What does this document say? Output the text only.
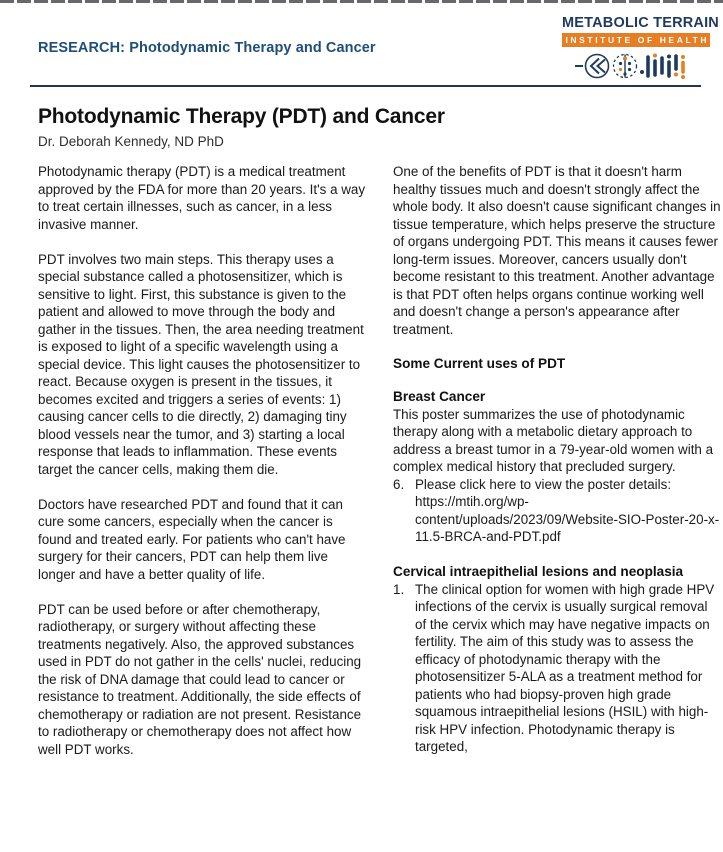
RESEARCH: Photodynamic Therapy and Cancer
METABOLIC TERRAIN
INSTITUTE OF HEALTH
Photodynamic Therapy (PDT) and Cancer
Dr. Deborah Kennedy, ND PhD

Photodynamic therapy (PDT) is a medical treatment approved by the FDA for more than 20 years. It's a way to treat certain illnesses, such as cancer, in a less invasive manner.

PDT involves two main steps. This therapy uses a special substance called a photosensitizer, which is sensitive to light. First, this substance is given to the patient and allowed to move through the body and gather in the tissues. Then, the area needing treatment is exposed to light of a specific wavelength using a special device. This light causes the photosensitizer to react. Because oxygen is present in the tissues, it becomes excited and triggers a series of events: 1) causing cancer cells to die directly, 2) damaging tiny blood vessels near the tumor, and 3) starting a local response that leads to inflammation. These events target the cancer cells, making them die.

Doctors have researched PDT and found that it can cure some cancers, especially when the cancer is found and treated early. For patients who can't have surgery for their cancers, PDT can help them live longer and have a better quality of life.

PDT can be used before or after chemotherapy, radiotherapy, or surgery without affecting these treatments negatively. Also, the approved substances used in PDT do not gather in the cells' nuclei, reducing the risk of DNA damage that could lead to cancer or resistance to treatment. Additionally, the side effects of chemotherapy or radiation are not present. Resistance to radiotherapy or chemotherapy does not affect how well PDT works.

One of the benefits of PDT is that it doesn't harm healthy tissues much and doesn't strongly affect the whole body. It also doesn't cause significant changes in tissue temperature, which helps preserve the structure of organs undergoing PDT. This means it causes fewer long-term issues. Moreover, cancers usually don't become resistant to this treatment. Another advantage is that PDT often helps organs continue working well and doesn't change a person's appearance after treatment.

Some Current uses of PDT
Breast Cancer

This poster summarizes the use of photodynamic therapy along with a metabolic dietary approach to address a breast tumor in a 79-year-old women with a complex medical history that precluded surgery.

6. Please click here to view the poster details: https://mtih.org/wp-content/uploads/2023/09/Website-SIO-Poster-20-x-11.5-BRCA-and-PDT.pdf
Cervical intraepithelial lesions and neoplasia
1. The clinical option for women with high grade HPV infections of the cervix is usually surgical removal of the cervix which may have negative impacts on fertility. The aim of this study was to assess the efficacy of photodynamic therapy with the photosensitizer 5-ALA as a treatment method for patients who had biopsy-proven high grade squamous intraepithelial lesions (HSIL) with high-risk HPV infection. Photodynamic therapy is targeted,
